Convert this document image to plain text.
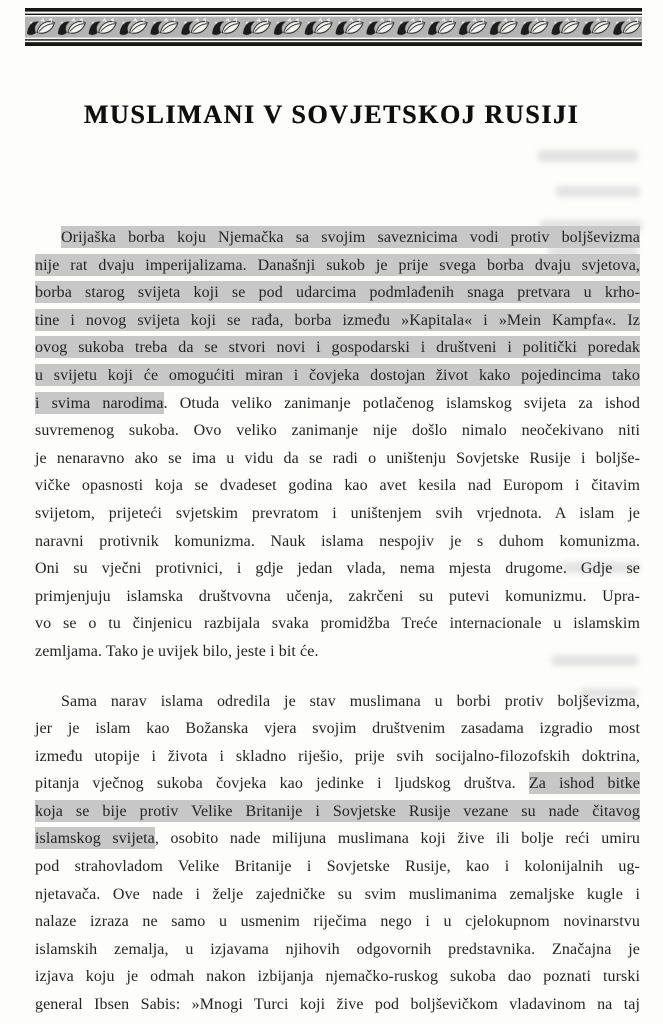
MUSLIMANI V SOVJETSKOJ RUSIJI
Orijaška borba koju Njemačka sa svojim saveznicima vodi protiv boljševizma
nije rat dvaju imperijalizama. Današnji sukob je prije svega borba dvaju svjetova,
borba starog svijeta koji se pod udarcima podmlađenih snaga pretvara u krho-
tine i novog svijeta koji se rađa, borba između »Kapitala« i »Mein Kampfa«. Iz
ovog sukoba treba da se stvori novi i gospodarski i društveni i politički poredak
u svijetu koji će omogućiti miran i čovjeka dostojan život kako pojedincima tako
i svima narodima. Otuda veliko zanimanje potlačenog islamskog svijeta za ishod
suvremenog sukoba. Ovo veliko zanimanje nije došlo nimalo neočekivano niti
je nenaravno ako se ima u vidu da se radi o uništenju Sovjetske Rusije i boljše-
vičke opasnosti koja se dvadeset godina kao avet kesila nad Europom i čitavim
svijetom, prijeteći svjetskim prevratom i uništenjem svih vrjednota. A islam je
naravni protivnik komunizma. Nauk islama nespojiv je s duhom komunizma.
Oni su vječni protivnici, i gdje jedan vlada, nema mjesta drugome. Gdje se
primjenjuju islamska društvovna učenja, zakrčeni su putevi komunizmu. Upra-
vo se o tu činjenicu razbijala svaka promidžba Treće internacionale u islamskim
zemljama. Tako je uvijek bilo, jeste i bit će.
Sama narav islama odredila je stav muslimana u borbi protiv boljševizma,
jer je islam kao Božanska vjera svojim društvenim zasadama izgradio most
između utopije i života i skladno riješio, prije svih socijalno-filozofskih doktrina,
pitanja vječnog sukoba čovjeka kao jedinke i ljudskog društva. Za ishod bitke
koja se bije protiv Velike Britanije i Sovjetske Rusije vezane su nade čitavog
islamskog svijeta, osobito nade milijuna muslimana koji žive ili bolje reći umiru
pod strahovladom Velike Britanije i Sovjetske Rusije, kao i kolonijalnih ug-
njetavača. Ove nade i želje zajedničke su svim muslimanima zemaljske kugle i
nalaze izraza ne samo u usmenim riječima nego i u cjelokupnom novinarstvu
islamskih zemalja, u izjavama njihovih odgovornih predstavnika. Značajna je
izjava koju je odmah nakon izbijanja njemačko-ruskog sukoba dao poznati turski
general Ibsen Sabis: »Mnogi Turci koji žive pod boljševičkom vladavinom na taj
